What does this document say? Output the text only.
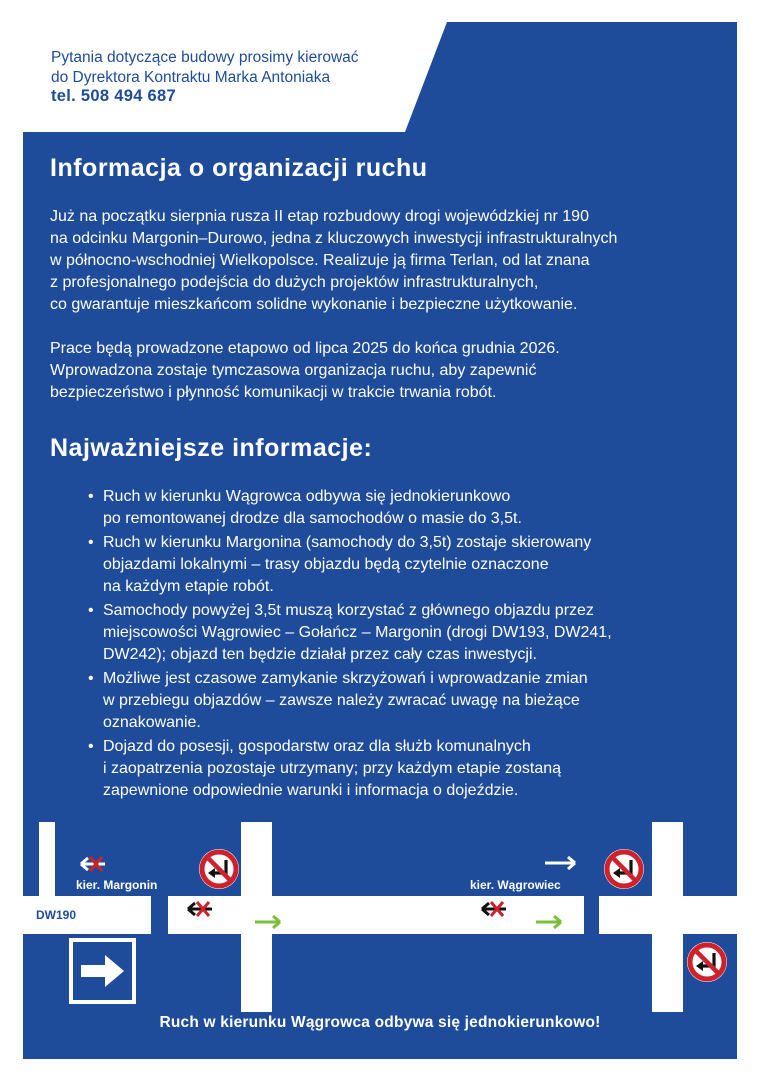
Pytania dotyczące budowy prosimy kierować
do Dyrektora Kontraktu Marka Antoniaka
tel. 508 494 687
Informacja o organizacji ruchu

Już na początku sierpnia rusza II etap rozbudowy drogi wojewódzkiej nr 190
na odcinku Margonin–Durowo, jedna z kluczowych inwestycji infrastrukturalnych
w północno-wschodniej Wielkopolsce. Realizuje ją firma Terlan, od lat znana
z profesjonalnego podejścia do dużych projektów infrastrukturalnych,
co gwarantuje mieszkańcom solidne wykonanie i bezpieczne użytkowanie.

Prace będą prowadzone etapowo od lipca 2025 do końca grudnia 2026.
Wprowadzona zostaje tymczasowa organizacja ruchu, aby zapewnić
bezpieczeństwo i płynność komunikacji w trakcie trwania robót.

Najważniejsze informacje:
• Ruch w kierunku Wągrowca odbywa się jednokierunkowo
po remontowanej drodze dla samochodów o masie do 3,5t.
• Ruch w kierunku Margonina (samochody do 3,5t) zostaje skierowany
objazdami lokalnymi – trasy objazdu będą czytelnie oznaczone
na każdym etapie robót.
• Samochody powyżej 3,5t muszą korzystać z głównego objazdu przez
miejscowości Wągrowiec – Gołańcz – Margonin (drogi DW193, DW241,
DW242); objazd ten będzie działał przez cały czas inwestycji.
• Możliwe jest czasowe zamykanie skrzyżowań i wprowadzanie zmian
w przebiegu objazdów – zawsze należy zwracać uwagę na bieżące
oznakowanie.
• Dojazd do posesji, gospodarstw oraz dla służb komunalnych
i zaopatrzenia pozostaje utrzymany; przy każdym etapie zostaną
zapewnione odpowiednie warunki i informacja o dojeździe.
kier. Margonin	kier. Wągrowiec
DW190
Ruch w kierunku Wągrowca odbywa się jednokierunkowo!
